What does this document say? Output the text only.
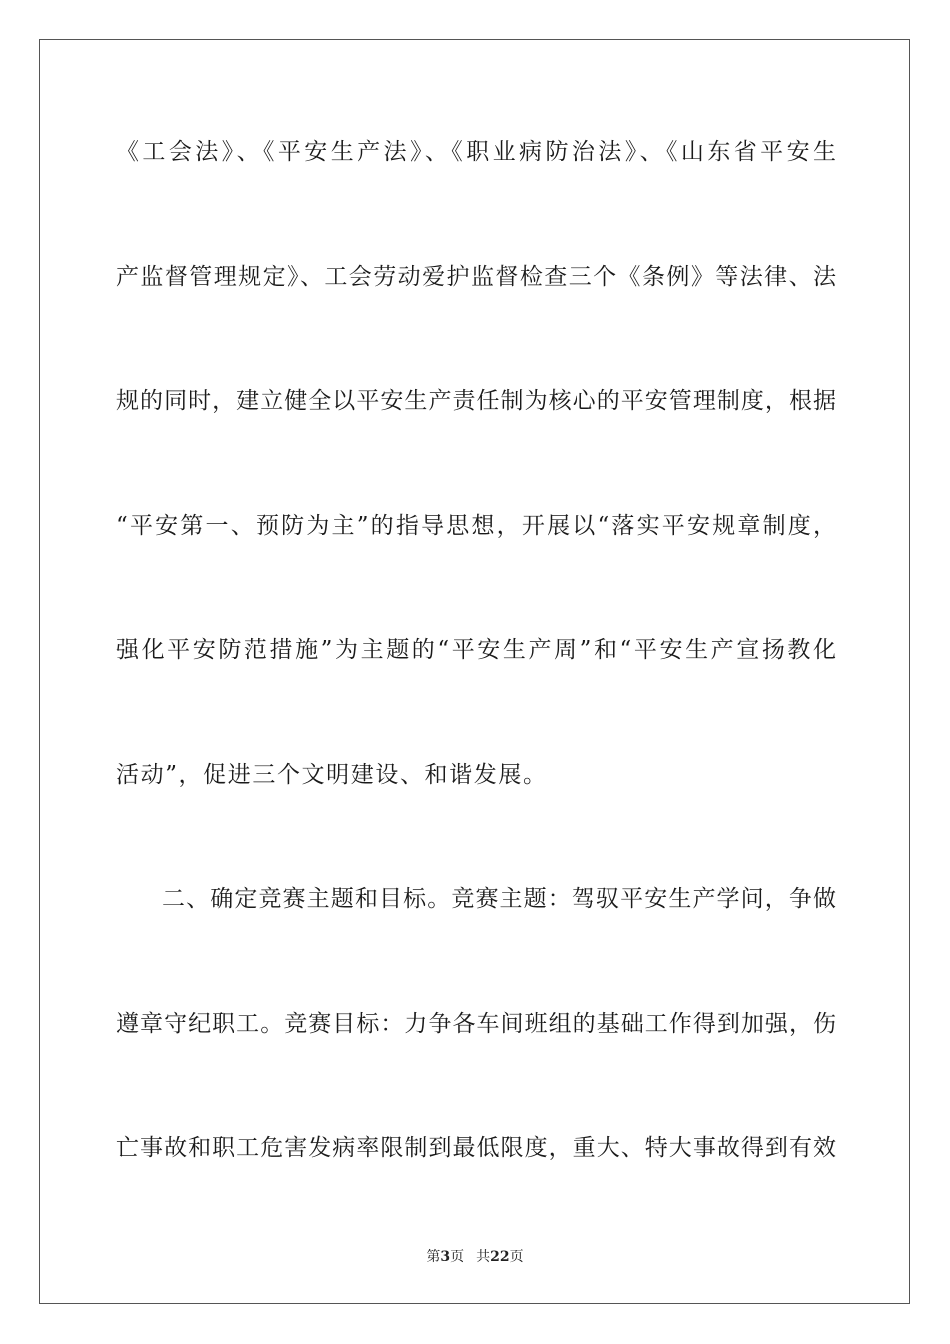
《工会法》、《平安生产法》、《职业病防治法》、《山东省平安生
产监督管理规定》、工会劳动爱护监督检查三个《条例》等法律、法
规的同时，建立健全以平安生产责任制为核心的平安管理制度，根据
“平安第一、预防为主”的指导思想，开展以“落实平安规章制度，
强化平安防范措施”为主题的“平安生产周”和“平安生产宣扬教化
活动”，促进三个文明建设、和谐发展。
二、确定竞赛主题和目标。竞赛主题：驾驭平安生产学问，争做
遵章守纪职工。竞赛目标：力争各车间班组的基础工作得到加强，伤
亡事故和职工危害发病率限制到最低限度，重大、特大事故得到有效
第3页 共22页
